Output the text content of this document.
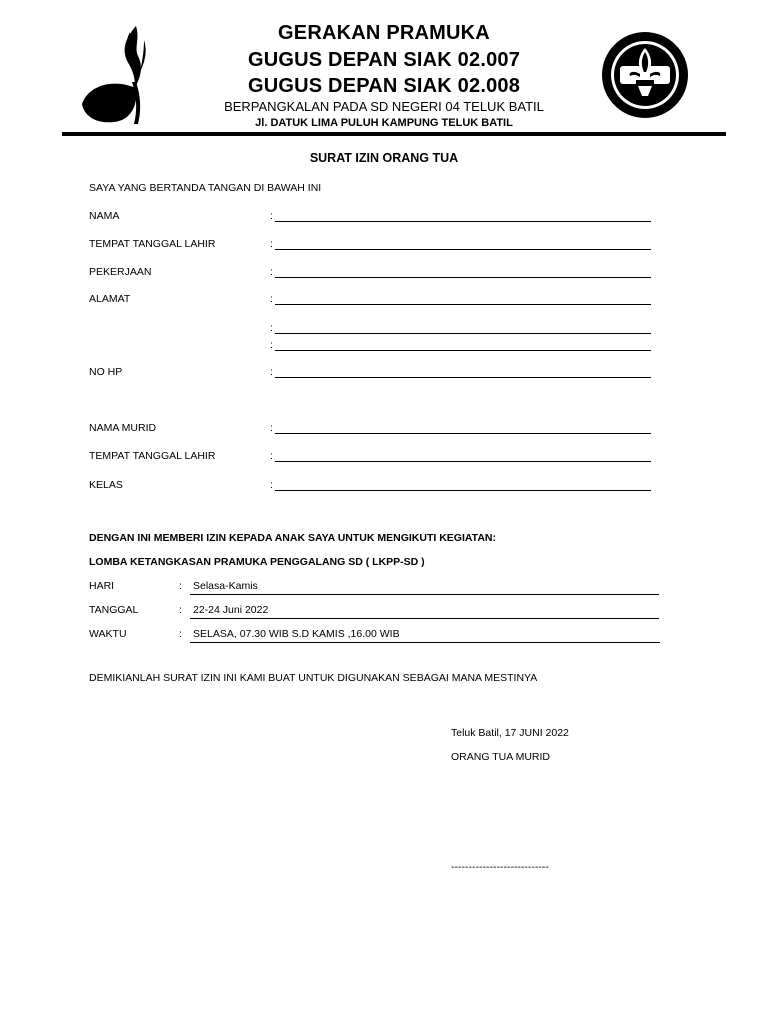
GERAKAN PRAMUKA
GUGUS DEPAN SIAK 02.007
GUGUS DEPAN SIAK 02.008
BERPANGKALAN PADA SD NEGERI 04 TELUK BATIL
Jl. DATUK LIMA PULUH KAMPUNG TELUK BATIL
SURAT IZIN ORANG TUA
SAYA YANG BERTANDA TANGAN DI BAWAH INI
NAMA	:
TEMPAT TANGGAL LAHIR	:
PEKERJAAN	:
ALAMAT	:
:
:
NO HP	:
NAMA MURID	:
TEMPAT TANGGAL LAHIR	:
KELAS	:
DENGAN INI MEMBERI IZIN KEPADA ANAK SAYA UNTUK MENGIKUTI KEGIATAN:
LOMBA KETANGKASAN PRAMUKA PENGGALANG SD ( LKPP-SD )
HARI	: Selasa-Kamis
TANGGAL	: 22-24 Juni 2022
WAKTU	: SELASA, 07.30 WIB S.D KAMIS ,16.00 WIB
DEMIKIANLAH SURAT IZIN INI KAMI BUAT UNTUK DIGUNAKAN SEBAGAI MANA MESTINYA
Teluk Batil, 17 JUNI 2022
ORANG TUA MURID
----------------------------
